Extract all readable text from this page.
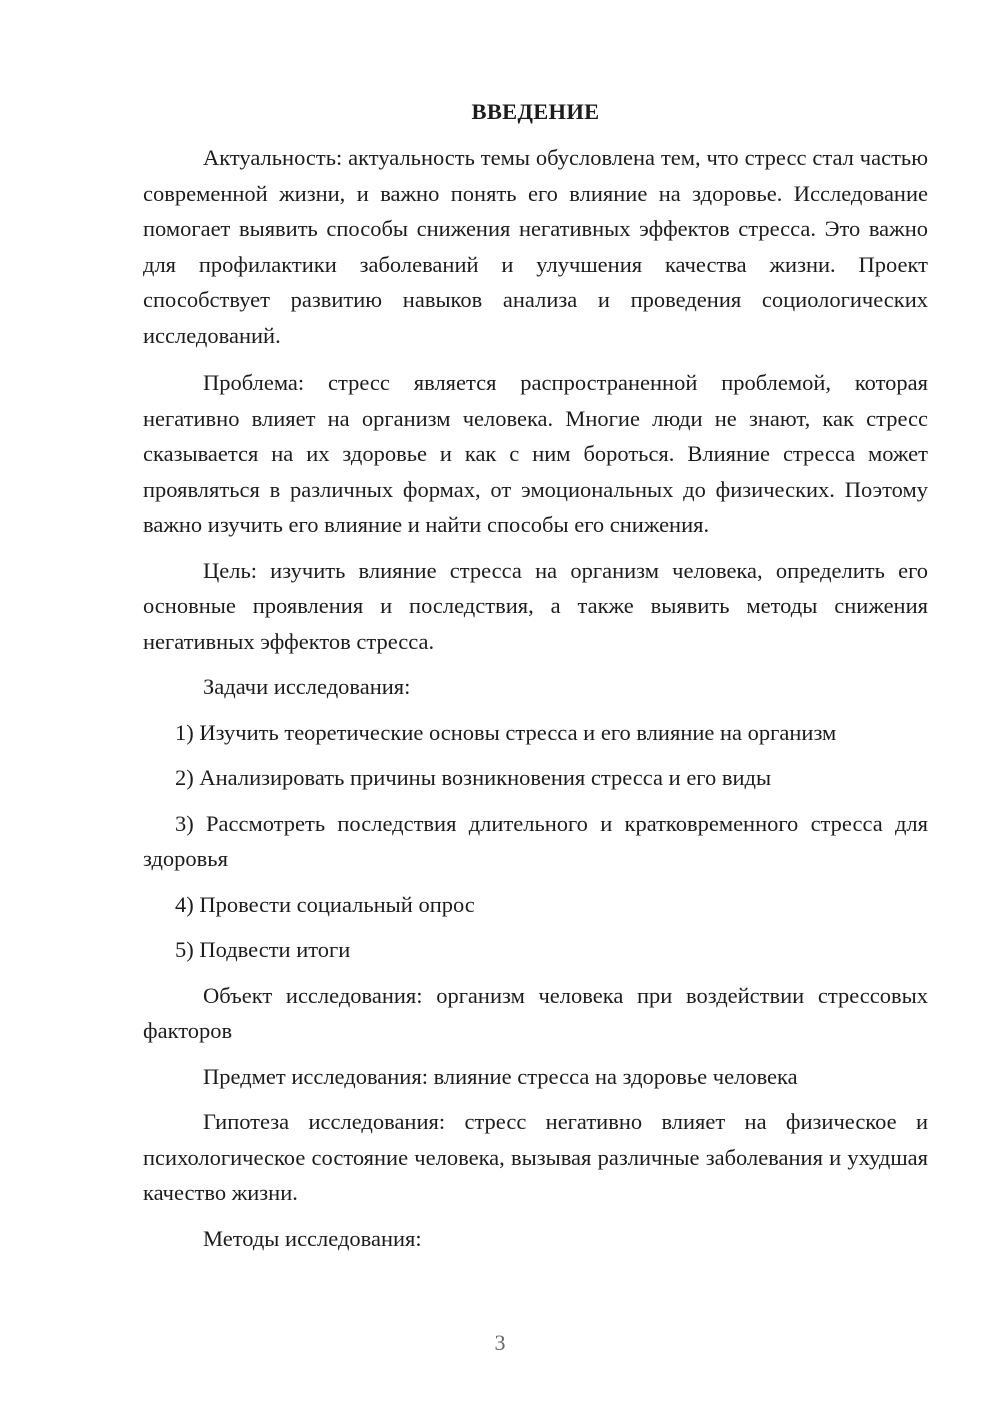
ВВЕДЕНИЕ

Актуальность: актуальность темы обусловлена тем, что стресс стал частью современной жизни, и важно понять его влияние на здоровье. Исследование помогает выявить способы снижения негативных эффектов стресса. Это важно для профилактики заболеваний и улучшения качества жизни. Проект способствует развитию навыков анализа и проведения социологических исследований.

Проблема: стресс является распространенной проблемой, которая негативно влияет на организм человека. Многие люди не знают, как стресс сказывается на их здоровье и как с ним бороться. Влияние стресса может проявляться в различных формах, от эмоциональных до физических. Поэтому важно изучить его влияние и найти способы его снижения.

Цель: изучить влияние стресса на организм человека, определить его основные проявления и последствия, а также выявить методы снижения негативных эффектов стресса.

Задачи исследования:

1) Изучить теоретические основы стресса и его влияние на организм

2) Анализировать причины возникновения стресса и его виды

3) Рассмотреть последствия длительного и кратковременного стресса для здоровья

4) Провести социальный опрос

5) Подвести итоги

Объект исследования: организм человека при воздействии стрессовых факторов

Предмет исследования: влияние стресса на здоровье человека

Гипотеза исследования: стресс негативно влияет на физическое и психологическое состояние человека, вызывая различные заболевания и ухудшая качество жизни.

Методы исследования:

3
